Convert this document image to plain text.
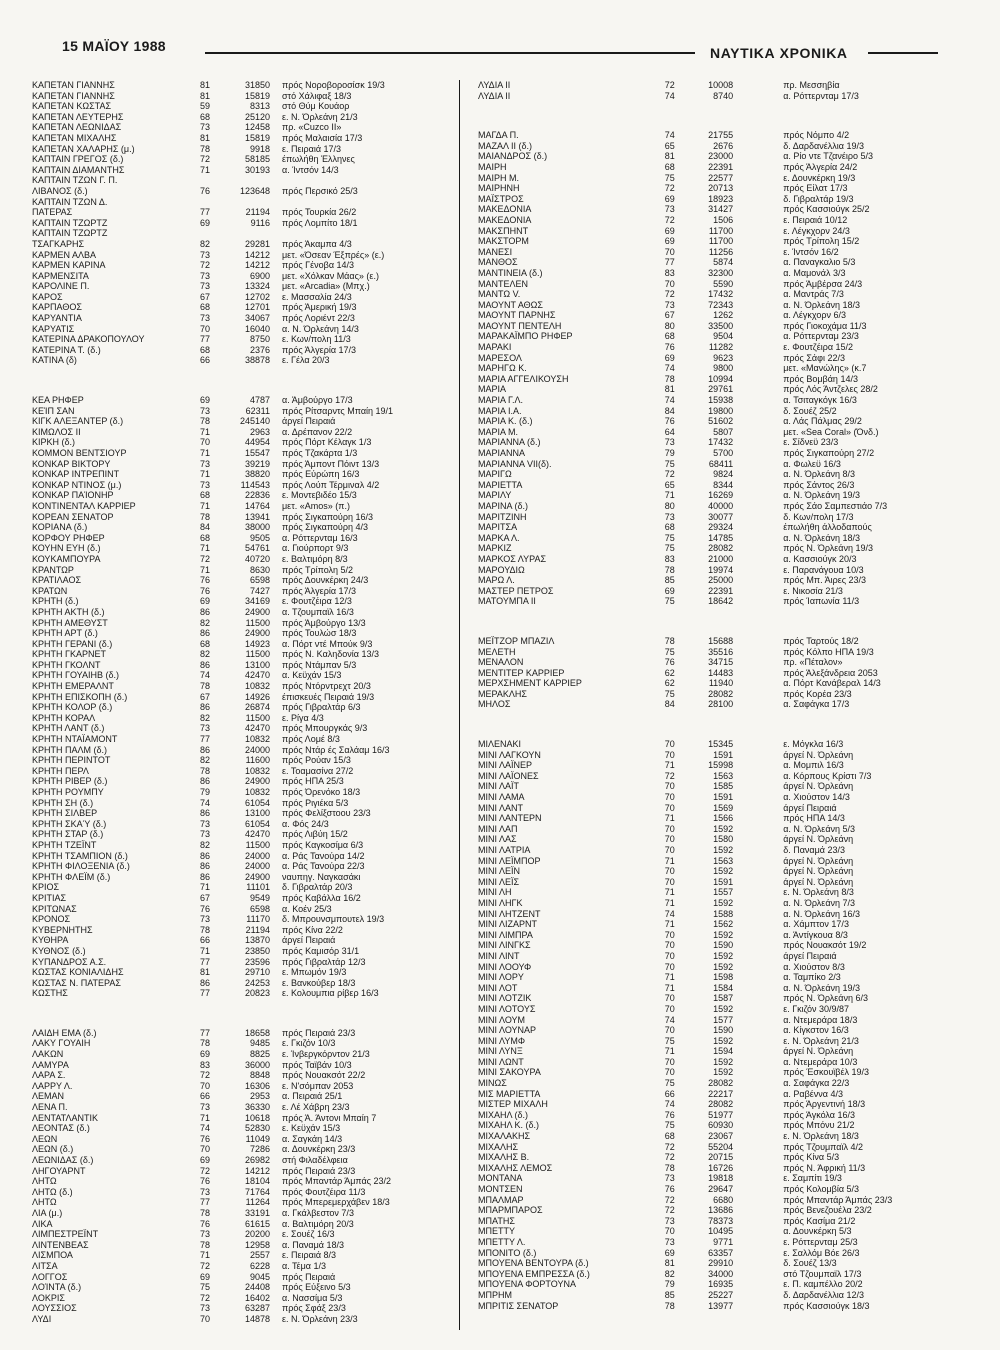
15 ΜΑΪΟΥ 1988	ΝΑΥΤΙΚΑ ΧΡΟΝΙΚΑ
ΚΑΠΕΤΑΝ ΓΙΑΝΝΗΣ	81	31850	πρός Νοροβοροσίσκ 19/3
ΚΑΠΕΤΑΝ ΓΙΑΝΝΗΣ	81	15819	στό Χάλιφαξ 18/3
ΚΑΠΕΤΑΝ ΚΩΣΤΑΣ	59	8313	στό Θύμ Κουάορ
ΚΑΠΕΤΑΝ ΛΕΥΤΕΡΗΣ	68	25120	ε. Ν. Όρλεάνη 21/3
ΚΑΠΕΤΑΝ ΛΕΩΝΙΔΑΣ	73	12458	πρ. «Cuzco II»
ΚΑΠΕΤΑΝ ΜΙΧΑΛΗΣ	81	15819	πρός Μαλαισία 17/3
ΚΑΠΕΤΑΝ ΧΑΛΑΡΗΣ (μ.)	78	9918	ε. Πειραιά 17/3
ΚΑΠΤΑΙΝ ΓΡΕΓΟΣ (δ.)	72	58185	έπωλήθη Έλληνες
ΚΑΠΤΑΙΝ ΔΙΑΜΑΝΤΗΣ	71	30193	α. Ίντσόν 14/3
ΚΑΠΤΑΙΝ ΤΖΩΝ Γ. Π.
ΛΙΒΑΝΟΣ (δ.)	76	123648	πρός Περσικό 25/3
ΚΑΠΤΑΙΝ ΤΖΩΝ Δ.
ΠΑΤΕΡΑΣ	77	21194	πρός Τουρκία 26/2
ΚΑΠΤΑΙΝ ΤΖΩΡΤΖ	69	9116	πρός Λομπίτο 18/1
ΚΑΠΤΑΙΝ ΤΖΩΡΤΖ
ΤΣΑΓΚΑΡΗΣ	82	29281	πρός Άκαμπα 4/3
ΚΑΡΜΕΝ ΑΛΒΑ	73	14212	μετ. «Όσεαν Έξπρές» (ε.)
ΚΑΡΜΕΝ ΚΑΡΙΝΑ	72	14212	πρός Γένοβα 14/3
ΚΑΡΜΕΝΣΙΤΑ	73	6900	μετ. «Χόλκαν Μάας» (ε.)
ΚΑΡΟΛΙΝΕ Π.	73	13324	μετ. «Arcadia» (Μπχ.)
ΚΑΡΟΣ	67	12702	ε. Μασσαλία 24/3
ΚΑΡΠΑΘΟΣ	68	12701	πρός Άμερική 19/3
ΚΑΡΥΑΝΤΙΑ	73	34067	πρός Λοριέντ 22/3
ΚΑΡΥΑΤΙΣ	70	16040	α. Ν. Όρλεάνη 14/3
ΚΑΤΕΡΙΝΑ ΔΡΑΚΟΠΟΥΛΟΥ	77	8750	ε. Κων/πολη 11/3
ΚΑΤΕΡΙΝΑ Τ. (δ.)	68	2376	πρός Άλγερία 17/3
ΚΑΤΙΝΑ (δ)	66	38878	ε. Γέλα 20/3
ΚΕΑ ΡΗΦΕΡ	69	4787	α. Άμβούργο 17/3
ΚΕΊΠ ΣΑΝ	73	62311	πρός Ρίτσαρντς Μπαίη 19/1
ΚΙΓΚ ΑΛΕΞΑΝΤΕΡ (δ.)	78	245140	άργεί Πειραιά
ΚΙΜΩΛΟΣ ΙΙ	71	2963	α. Δρέπανον 22/2
ΚΙΡΚΗ (δ.)	70	44954	πρός Πόρτ Κέλαγκ 1/3
ΚΟΜΜΟΝ ΒΕΝΤΣΙΟΥΡ	71	15547	πρός Τζακάρτα 1/3
ΚΟΝΚΑΡ ΒΙΚΤΟΡΥ	73	39219	πρός Άμποντ Πόιντ 13/3
ΚΟΝΚΑΡ ΙΝΤΡΕΠΙΝΤ	71	38820	πρός Εύρώπη 16/3
ΚΟΝΚΑΡ ΝΤΙΝΟΣ (μ.)	73	114543	πρός Λούπ Τέρμιναλ 4/2
ΚΟΝΚΑΡ ΠΑΊΟΝΗΡ	68	22836	ε. Μοντεβιδέο 15/3
ΚΟΝΤΙΝΕΝΤΑΛ ΚΑΡΡΙΕΡ	71	14764	μετ. «Amos» (π.)
ΚΟΡΕΑΝ ΣΕΝΑΤΟΡ	78	13941	πρός Σιγκαπούρη 16/3
ΚΟΡΙΑΝΑ (δ.)	84	38000	πρός Σιγκαπούρη 4/3
ΚΟΡΦΟΥ ΡΗΦΕΡ	68	9505	α. Ρόττερνταμ 16/3
ΚΟΥΗΝ ΕΥΗ (δ.)	71	54761	α. Γιούρπορτ 9/3
ΚΟΥΚΑΜΠΟΥΡΑ	72	40720	ε. Βαλτιμόρη 8/3
ΚΡΑΝΤΩΡ	71	8630	πρός Τρίπολη 5/2
ΚΡΑΤΙΛΑΟΣ	76	6598	πρός Δουνκέρκη 24/3
ΚΡΑΤΩΝ	76	7427	πρός Άλγερία 17/3
ΚΡΗΤΗ (δ.)	69	34169	ε. Φουτζέιρα 12/3
ΚΡΗΤΗ ΑΚΤΗ (δ.)	86	24900	α. Τζουμπαϊλ 16/3
ΚΡΗΤΗ ΑΜΕΘΥΣΤ	82	11500	πρός Άμβούργο 13/3
ΚΡΗΤΗ ΑΡΤ (δ.)	86	24900	πρός Τουλώσ 18/3
ΚΡΗΤΗ ΓΕΡΑΝΙ (δ.)	68	14923	α. Πόρτ ντέ Μπούκ 9/3
ΚΡΗΤΗ ΓΚΑΡΝΕΤ	82	11500	πρός Ν. Καληδονία 13/3
ΚΡΗΤΗ ΓΚΟΛΝΤ	86	13100	πρός Ντάμπαν 5/3
ΚΡΗΤΗ ΓΟΥΑΙΗΒ (δ.)	74	42470	α. Κεϋχάν 15/3
ΚΡΗΤΗ ΕΜΕΡΑΛΝΤ	78	10832	πρός Ντόρντρεχτ 20/3
ΚΡΗΤΗ ΕΠΙΣΚΟΠΗ (δ.)	67	14926	έπισκευές Πειραιά 19/3
ΚΡΗΤΗ ΚΟΛΟΡ (δ.)	86	26874	πρός Γιβραλτάρ 6/3
ΚΡΗΤΗ ΚΟΡΑΛ	82	11500	ε. Ρίγα 4/3
ΚΡΗΤΗ ΛΑΝΤ (δ.)	73	42470	πρός Μπουργκάς 9/3
ΚΡΗΤΗ ΝΤΑΪΑΜΟΝΤ	77	10832	πρός Λομέ 8/3
ΚΡΗΤΗ ΠΑΛΜ (δ.)	86	24000	πρός Ντάρ ές Σαλάαμ 16/3
ΚΡΗΤΗ ΠΕΡΙΝΤΟΤ	82	11600	πρός Ρούαν 15/3
ΚΡΗΤΗ ΠΕΡΛ	78	10832	ε. Τοαμασίνα 27/2
ΚΡΗΤΗ ΡΙΒΕΡ (δ.)	86	24900	πρός ΗΠΑ 25/3
ΚΡΗΤΗ ΡΟΥΜΠΥ	79	10832	πρός Όρενόκο 18/3
ΚΡΗΤΗ ΣΗ (δ.)	74	61054	πρός Ριγιέκα 5/3
ΚΡΗΤΗ ΣΙΛΒΕΡ	86	13100	πρός Φελίξστοου 23/3
ΚΡΗΤΗ ΣΚΑΎ (δ.)	73	61054	α. Φός 24/3
ΚΡΗΤΗ ΣΤΑΡ (δ.)	73	42470	πρός Λιβύη 15/2
ΚΡΗΤΗ ΤΖΕΪΝΤ	82	11500	πρός Καγκοσίμα 6/3
ΚΡΗΤΗ ΤΣΑΜΠΙΟΝ (δ.)	86	24000	α. Ράς Τανούρα 14/2
ΚΡΗΤΗ ΦΙΛΟΞΕΝΙΑ (δ.)	86	24000	α. Ράς Τανούρα 22/3
ΚΡΗΤΗ ΦΛΕΪΜ (δ.)	86	24900	ναυπηγ. Ναγκασάκι
ΚΡΙΟΣ	71	11101	δ. Γιβραλτάρ 20/3
ΚΡΙΤΙΑΣ	67	9549	πρός Καβάλλα 16/2
ΚΡΙΤΩΝΑΣ	76	6598	α. Κοέν 25/3
ΚΡΟΝΟΣ	73	11170	δ. Μπρουνσμπουτελ 19/3
ΚΥΒΕΡΝΗΤΗΣ	78	21194	πρός Κίνα 22/2
ΚΥΘΗΡΑ	66	13870	άργεί Πειραιά
ΚΥΘΝΟΣ (δ.)	71	23850	πρός Καμισόρ 31/1
ΚΥΠΑΝΔΡΟΣ Α.Σ.	77	23596	πρός Γιβραλτάρ 12/3
ΚΩΣΤΑΣ ΚΟΝΙΑΛΙΔΗΣ	81	29710	ε. Μπωμόν 19/3
ΚΩΣΤΑΣ Ν. ΠΑΤΕΡΑΣ	86	24253	ε. Βανκούβερ 18/3
ΚΩΣΤΗΣ	77	20823	ε. Κολουμπια ρίβερ 16/3
ΛΑΙΔΗ ΕΜΑ (δ.)	77	18658	πρός Πειραιά 23/3
ΛΑΚΥ ΓΟΥΑΙΗ	78	9485	ε. Γκιζόν 10/3
ΛΑΚΩΝ	69	8825	ε. Ίνβεργκόρντον 21/3
ΛΑΜΥΡΑ	83	36000	πρός Ταϊβάν 10/3
ΛΑΡΑ Σ.	72	8848	πρός Νουακσότ 22/2
ΛΑΡΡΥ Λ.	70	16306	ε. Ν'σόμπαν 2053
ΛΕΜΑΝ	66	2953	α. Πειραιά 25/1
ΛΕΝΑ Π.	73	36330	ε. Λέ Χάβρη 23/3
ΛΕΝΤΑΤΛΑΝΤΙΚ	71	10618	πρός Ά. Άντονι Μπαίη 7
ΛΕΟΝΤΑΣ (δ.)	74	52830	ε. Κεϋχάν 15/3
ΛΕΩΝ	76	11049	α. Σαγκάη 14/3
ΛΕΩΝ (δ.)	70	7286	α. Δουνκέρκη 23/3
ΛΕΩΝΙΔΑΣ (δ.)	69	26982	στή Φιλαδέλφεια
ΛΗΓΟΥΑΡΝΤ	72	14212	πρός Πειραιά 23/3
ΛΗΤΩ	76	18104	πρός Μπαντάρ Άμπάς 23/2
ΛΗΤΩ (δ.)	73	71764	πρός Φουτζέιρα 11/3
ΛΗΤΩ	77	11264	πρός Μπερεμερχάβεν 18/3
ΛΙΑ (μ.)	78	33191	α. Γκάλβεστον 7/3
ΛΙΚΑ	76	61615	α. Βαλτιμόρη 20/3
ΛΙΜΠΕΣΤΡΕΪΝΤ	73	20200	ε. Σουέζ 16/3
ΛΙΝΤΕΝΒΕΑΣ	78	12958	α. Παναμά 18/3
ΛΙΣΜΠΟΑ	71	2557	ε. Πειραιά 8/3
ΛΙΤΣΑ	72	6228	α. Τέμα 1/3
ΛΟΓΓΟΣ	69	9045	πρός Πειραιά
ΛΟΊΝΤΑ (δ.)	75	24408	πρός Εύξεινο 5/3
ΛΟΚΡΙΣ	72	16402	α. Νασσίμα 5/3
ΛΟΥΣΣΙΟΣ	73	63287	πρός Σφάξ 23/3
ΛΥΔΙ	70	14878	ε. Ν. Όρλεάνη 23/3
ΛΥΔΙΑ ΙΙ	72	10008	πρ. Μεσσηβία
ΛΥΔΙΑ ΙΙ	74	8740	α. Ρόττερνταμ 17/3
ΜΑΓΔΑ Π.	74	21755	πρός Νόμπο 4/2
ΜΑΖΑΛ ΙΙ (δ.)	65	2676	δ. Δαρδανέλλια 19/3
ΜΑΙΑΝΔΡΟΣ (δ.)	81	23000	α. Ρίο ντε Τζανέιρο 5/3
ΜΑΙΡΗ	68	22391	πρός Άλγερία 24/2
ΜΑΙΡΗ Μ.	75	22577	ε. Δουνκέρκη 19/3
ΜΑΙΡΗΝΗ	72	20713	πρός Είλατ 17/3
ΜΑΪΣΤΡΟΣ	69	18923	δ. Γιβραλτάρ 19/3
ΜΑΚΕΔΟΝΙΑ	73	31427	πρός Κασσιούγκ 25/2
ΜΑΚΕΔΟΝΙΑ	72	1506	ε. Πειραιά 10/12
ΜΑΚΣΠΗΝΤ	69	11700	ε. Λέγκχορν 24/3
ΜΑΚΣΤΟΡΜ	69	11700	πρός Τρίπολη 15/2
ΜΑΝΕΣΙ	70	11256	ε. Ίντσόν 16/2
ΜΑΝΘΟΣ	77	5874	α. Παναγκαλιο 5/3
ΜΑΝΤΙΝΕΙΑ (δ.)	83	32300	α. Μαμονάλ 3/3
ΜΑΝΤΕΛΕΝ	70	5590	πρός Άμβέρσα 24/3
ΜΑΝΤΩ V.	72	17432	α. Μαντράς 7/3
ΜΑΟΥΝΤ ΑΘΩΣ	73	72343	α. Ν. Όρλεάνη 18/3
ΜΑΟΥΝΤ ΠΑΡΝΗΣ	67	1262	α. Λέγκχορν 6/3
ΜΑΟΥΝΤ ΠΕΝΤΕΛΗ	80	33500	πρός Γιοκοχάμα 11/3
ΜΑΡΑΚΑΪΜΠΟ ΡΗΦΕΡ	68	9504	α. Ρόττερνταμ 23/3
ΜΑΡΑΚΙ	76	11282	ε. Φουτζέιρα 15/2
ΜΑΡΕΣΟΛ	69	9623	πρός Σάφι 22/3
ΜΑΡΗΓΩ Κ.	74	9800	μετ. «Μανώλης» (κ.7
ΜΑΡΙΑ ΑΓΓΕΛΙΚΟΥΣΗ	78	10994	πρός Βομβάη 14/3
ΜΑΡΙΑ	81	29761	πρός Λός Άντζελες 28/2
ΜΑΡΙΑ Γ.Λ.	74	15938	α. Τσιταγκόγκ 16/3
ΜΑΡΙΑ Ι.Α.	84	19800	δ. Σουέζ 25/2
ΜΑΡΙΑ Κ. (δ.)	76	51602	α. Λάς Πάλμας 29/2
ΜΑΡΙΑ Μ.	64	5807	μετ. «Sea Coral» (Όνδ.)
ΜΑΡΙΑΝΝΑ (δ.)	73	17432	ε. Σίδνεϋ 23/3
ΜΑΡΙΑΝΝΑ	79	5700	πρός Σιγκαπούρη 27/2
ΜΑΡΙΑΝΝΑ VII(δ).	75	68411	α. Φωλεϋ 16/3
ΜΑΡΙΓΩ	72	9824	α. Ν. Όρλεάνη 8/3
ΜΑΡΙΕΤΤΑ	65	8344	πρός Σάντος 26/3
ΜΑΡΙΛΥ	71	16269	α. Ν. Όρλεάνη 19/3
ΜΑΡΙΝΑ (δ.)	80	40000	πρός Σάο Σαμπεστιάο 7/3
ΜΑΡΙΤΖΙΝΗ	73	30077	δ. Κων/πολη 17/3
ΜΑΡΙΤΣΑ	68	29324	έπωλήθη άλλοδαπούς
ΜΑΡΚΑ Λ.	75	14785	α. Ν. Όρλεάνη 18/3
ΜΑΡΚΙΖ	75	28082	πρός Ν. Όρλεάνη 19/3
ΜΑΡΚΟΣ ΛΥΡΑΣ	83	21000	α. Κασσιούγκ 20/3
ΜΑΡΟΥΔΙΩ	78	19974	ε. Παρανάγουα 10/3
ΜΑΡΩ Λ.	85	25000	πρός Μπ. Άιρες 23/3
ΜΑΣΤΕΡ ΠΕΤΡΟΣ	69	22391	ε. Νικοσία 21/3
ΜΑΤΟΥΜΠΑ ΙΙ	75	18642	πρός Ίαπωνία 11/3
ΜΕΪΤΖΟΡ ΜΠΑΖΙΛ	78	15688	πρός Ταρτούς 18/2
ΜΕΛΕΤΗ	75	35516	πρός Κόλπο ΗΠΑ 19/3
ΜΕΝΑΛΟΝ	76	34715	πρ. «Πέταλον»
ΜΕΝΤΙΤΕΡ ΚΑΡΡΙΕΡ	62	14483	πρός Άλεξάνδρεια 2053
ΜΕΡΧΣΗΜΕΝΤ ΚΑΡΡΙΕΡ	62	11940	α. Πόρτ Κανάβεραλ 14/3
ΜΕΡΑΚΛΗΣ	75	28082	πρός Κορέα 23/3
ΜΗΛΟΣ	84	28100	α. Σαφάγκα 17/3
ΜΙΛΕΝΑΚΙ	70	15345	ε. Μόγκλα 16/3
ΜΙΝΙ ΛΑΓΚΟΥΝ	70	1591	άργεί Ν. Όρλεάνη
ΜΙΝΙ ΛΑΪΝΕΡ	71	15998	α. Μομπιλ 16/3
ΜΙΝΙ ΛΑΪΟΝΕΣ	72	1563	α. Κόρπους Κρίστι 7/3
ΜΙΝΙ ΛΑΪΤ	70	1585	άργεί Ν. Όρλεάνη
ΜΙΝΙ ΛΑΜΑ	70	1591	α. Χιούστον 14/3
ΜΙΝΙ ΛΑΝΤ	70	1569	άργεί Πειραιά
ΜΙΝΙ ΛΑΝΤΕΡΝ	71	1566	πρός ΗΠΑ 14/3
ΜΙΝΙ ΛΑΠ	70	1592	α. Ν. Όρλεάνη 5/3
ΜΙΝΙ ΛΑΣ	70	1580	άργεί Ν. Όρλεάνη
ΜΙΝΙ ΛΑΤΡΙΑ	70	1592	δ. Παναμά 23/3
ΜΙΝΙ ΛΕΪΜΠΟΡ	71	1563	άργεί Ν. Όρλεάνη
ΜΙΝΙ ΛΕΪΝ	70	1592	άργεί Ν. Όρλεάνη
ΜΙΝΙ ΛΕΪΣ	70	1591	άργεί Ν. Όρλεάνη
ΜΙΝΙ ΛΗ	71	1557	ε. Ν. Όρλεάνη 8/3
ΜΙΝΙ ΛΗΓΚ	71	1592	α. Ν. Όρλεάνη 7/3
ΜΙΝΙ ΛΗΤΖΕΝΤ	74	1588	α. Ν. Όρλεάνη 16/3
ΜΙΝΙ ΛΙΖΑΡΝΤ	71	1562	α. Χάμπτον 17/3
ΜΙΝΙ ΛΙΜΠΡΑ	70	1592	α. Άντίγκουα 8/3
ΜΙΝΙ ΛΙΝΓΚΣ	70	1590	πρός Νουακσότ 19/2
ΜΙΝΙ ΛΙΝΤ	70	1592	άργεί Πειραιά
ΜΙΝΙ ΛΟΟΥΦ	70	1592	α. Χιούστον 8/3
ΜΙΝΙ ΛΟΡΥ	71	1598	α. Ταμπίκο 2/3
ΜΙΝΙ ΛΟΤ	71	1584	α. Ν. Όρλεάνη 19/3
ΜΙΝΙ ΛΟΤΖΙΚ	70	1587	πρός Ν. Όρλεάνη 6/3
ΜΙΝΙ ΛΟΤΟΥΣ	70	1592	ε. Γκιζόν 30/9/87
ΜΙΝΙ ΛΟΥΜ	74	1577	α. Ντεμεράρα 18/3
ΜΙΝΙ ΛΟΥΝΑΡ	70	1590	α. Κίγκστον 16/3
ΜΙΝΙ ΛΥΜΦ	75	1592	ε. Ν. Όρλεάνη 21/3
ΜΙΝΙ ΛΥΝΞ	71	1594	άργεί Ν. Όρλεάνη
ΜΙΝΙ ΛΩΝΤ	70	1592	α. Ντεμεράρα 10/3
ΜΙΝΙ ΣΑΚΟΥΡΑ	70	1592	πρός Έσκουϊβέλ 19/3
ΜΙΝΩΣ	75	28082	α. Σαφάγκα 22/3
ΜΙΣ ΜΑΡΙΕΤΤΑ	66	22217	α. Ραβέννα 4/3
ΜΙΣΤΕΡ ΜΙΧΑΛΗ	74	28082	πρός Άργεντινή 18/3
ΜΙΧΑΗΛ (δ.)	76	51977	πρός Άγκόλα 16/3
ΜΙΧΑΗΛ Κ. (δ.)	75	60930	πρός Μπόνυ 21/2
ΜΙΧΑΛΑΚΗΣ	68	23067	ε. Ν. Όρλεάνη 18/3
ΜΙΧΑΛΗΣ	72	55204	πρός Τζουμπαϊλ 4/2
ΜΙΧΑΛΗΣ Β.	72	20715	πρός Κίνα 5/3
ΜΙΧΑΛΗΣ ΛΕΜΟΣ	78	16726	πρός Ν. Άφρική 11/3
ΜΟΝΤΑΝΑ	73	19818	ε. Σαμπίτι 19/3
ΜΟΝΤΣΕΝ	76	29647	πρός Κολομβία 5/3
ΜΠΑΛΜΑΡ	72	6680	πρός Μπαντάρ Άμπάς 23/3
ΜΠΑΡΜΠΑΡΟΣ	72	13686	πρός Βενεζουέλα 23/2
ΜΠΑΤΗΣ	73	78373	πρός Κασίμα 21/2
ΜΠΕΤΤΥ	70	10495	α. Δουνκέρκη 5/3
ΜΠΕΤΤΥ Λ.	73	9771	ε. Ρόττερνταμ 25/3
ΜΠΟΝΙΤΟ (δ.)	69	63357	ε. Σαλλόμ Βόε 26/3
ΜΠΟΥΕΝΑ ΒΕΝΤΟΥΡΑ (δ.)	81	29910	δ. Σουέζ 13/3
ΜΠΟΥΕΝΑ ΕΜΠΡΕΣΣΑ (δ.)	82	34000	στό Τζουμπαϊλ 17/3
ΜΠΟΥΕΝΑ ΦΟΡΤΟΥΝΑ	79	16935	ε. Π. καμπέλλο 20/2
ΜΠΡΗΜ	85	25227	δ. Δαρδανέλλια 12/3
ΜΠΡΙΤΙΣ ΣΕΝΑΤΟΡ	78	13977	πρός Κασσιούγκ 18/3
